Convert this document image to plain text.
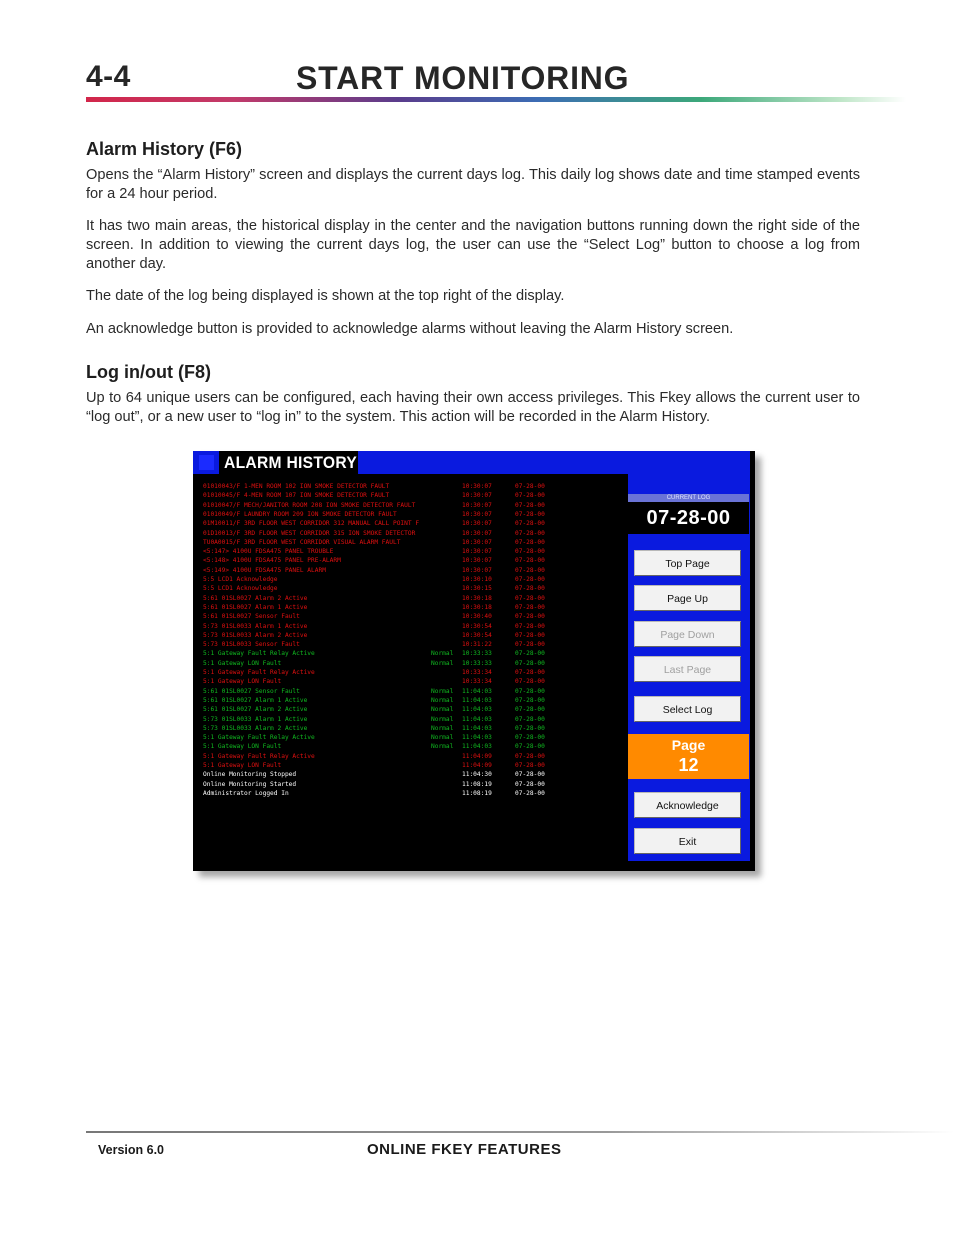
4-4	START MONITORING
Alarm History (F6)
Opens the “Alarm History” screen and displays the current days log. This daily log shows date and time stamped events for a 24 hour period.
It has two main areas, the historical display in the center and the navigation buttons running down the right side of the screen. In addition to viewing the current days log, the user can use the “Select Log” button to choose a log from another day.
The date of the log being displayed is shown at the top right of the display.
An acknowledge button is provided to acknowledge alarms without leaving the Alarm History screen.
Log in/out (F8)
Up to 64 unique users can be configured, each having their own access privileges. This Fkey allows the current user to “log out”, or a new user to “log in” to the system. This action will be recorded in the Alarm History.
ALARM HISTORY
01010043/F 1-MEN ROOM 102 ION SMOKE DETECTOR FAULT	10:30:07	07-28-00
01010045/F 4-MEN ROOM 107 ION SMOKE DETECTOR FAULT	10:30:07	07-28-00
01010047/F MECH/JANITOR ROOM 208 ION SMOKE DETECTOR FAULT	10:30:07	07-28-00
01010049/F LAUNDRY ROOM 209 ION SMOKE DETECTOR FAULT	10:30:07	07-28-00
01M10011/F 3RD FLOOR WEST CORRIDOR 312 MANUAL CALL POINT F	10:30:07	07-28-00
01D10013/F 3RD FLOOR WEST CORRIDOR 315 ION SMOKE DETECTOR	10:30:07	07-28-00
TU0A0015/F 3RD FLOOR WEST CORRIDOR VISUAL ALARM FAULT	10:30:07	07-28-00
<5:147> 4100U FDSA475 PANEL TROUBLE	10:30:07	07-28-00
<5:148> 4100U FDSA475 PANEL PRE-ALARM	10:30:07	07-28-00
<5:149> 4100U FDSA475 PANEL ALARM	10:30:07	07-28-00
5:5 LCD1 Acknowledge	10:30:10	07-28-00
5:5 LCD1 Acknowledge	10:30:15	07-28-00
5:61 01SL0027 Alarm 2 Active	10:30:18	07-28-00
5:61 01SL0027 Alarm 1 Active	10:30:18	07-28-00
5:61 01SL0027 Sensor Fault	10:30:40	07-28-00
5:73 01SL0033 Alarm 1 Active	10:30:54	07-28-00
5:73 01SL0033 Alarm 2 Active	10:30:54	07-28-00
5:73 01SL0033 Sensor Fault	10:31:22	07-28-00
5:1 Gateway Fault Relay Active	Normal	10:33:33	07-28-00
5:1 Gateway LON Fault	Normal	10:33:33	07-28-00
5:1 Gateway Fault Relay Active	10:33:34	07-28-00
5:1 Gateway LON Fault	10:33:34	07-28-00
5:61 01SL0027 Sensor Fault	Normal	11:04:03	07-28-00
5:61 01SL0027 Alarm 1 Active	Normal	11:04:03	07-28-00
5:61 01SL0027 Alarm 2 Active	Normal	11:04:03	07-28-00
5:73 01SL0033 Alarm 1 Active	Normal	11:04:03	07-28-00
5:73 01SL0033 Alarm 2 Active	Normal	11:04:03	07-28-00
5:1 Gateway Fault Relay Active	Normal	11:04:03	07-28-00
5:1 Gateway LON Fault	Normal	11:04:03	07-28-00
5:1 Gateway Fault Relay Active	11:04:09	07-28-00
5:1 Gateway LON Fault	11:04:09	07-28-00
Online Monitoring Stopped	11:04:30	07-28-00
Online Monitoring Started	11:08:19	07-28-00
Administrator Logged In	11:08:19	07-28-00
CURRENT LOG
07-28-00
Top Page
Page Up
Page Down
Last Page
Select Log
Page
12
Acknowledge
Exit
Version 6.0	ONLINE FKEY FEATURES
